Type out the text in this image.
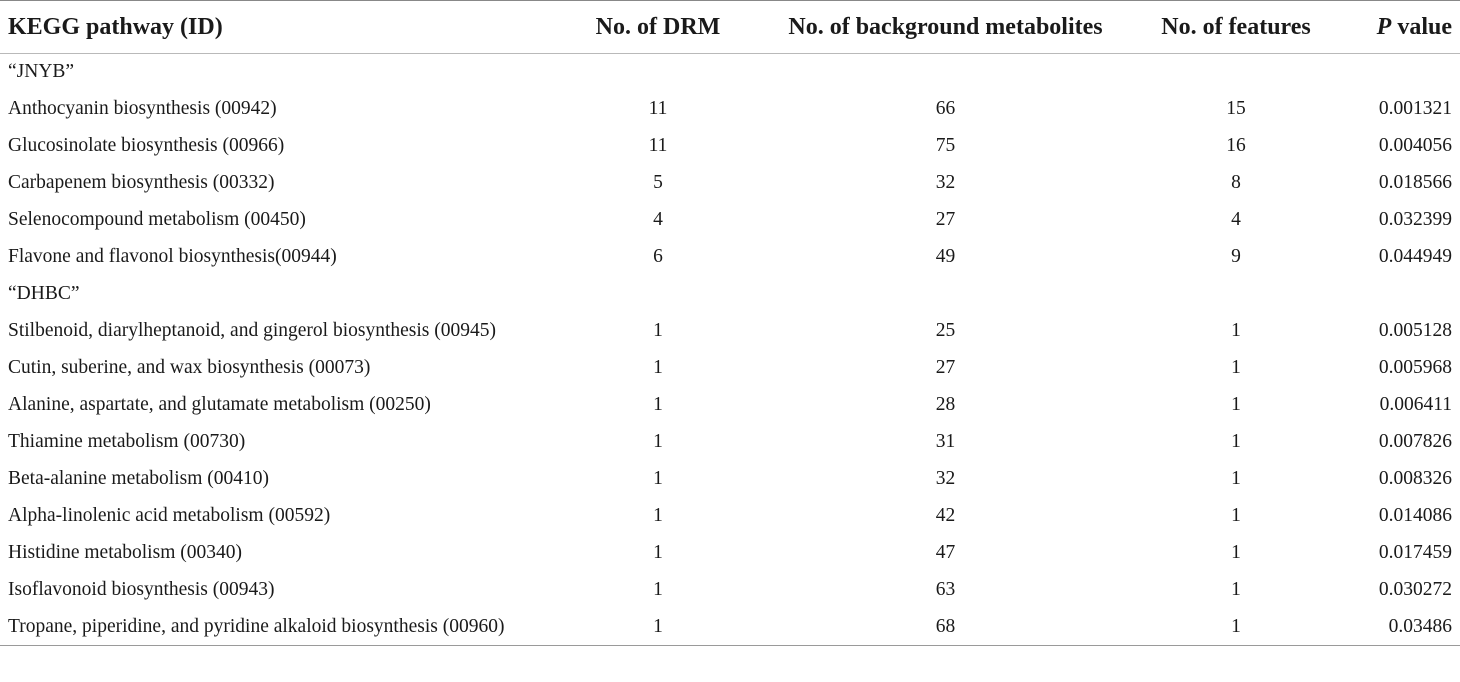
KEGG pathway (ID)	No. of DRM	No. of background metabolites	No. of features	P value
“JNYB”				
Anthocyanin biosynthesis (00942)	11	66	15	0.001321
Glucosinolate biosynthesis (00966)	11	75	16	0.004056
Carbapenem biosynthesis (00332)	5	32	8	0.018566
Selenocompound metabolism (00450)	4	27	4	0.032399
Flavone and flavonol biosynthesis(00944)	6	49	9	0.044949
“DHBC”				
Stilbenoid, diarylheptanoid, and gingerol biosynthesis (00945)	1	25	1	0.005128
Cutin, suberine, and wax biosynthesis (00073)	1	27	1	0.005968
Alanine, aspartate, and glutamate metabolism (00250)	1	28	1	0.006411
Thiamine metabolism (00730)	1	31	1	0.007826
Beta-alanine metabolism (00410)	1	32	1	0.008326
Alpha-linolenic acid metabolism (00592)	1	42	1	0.014086
Histidine metabolism (00340)	1	47	1	0.017459
Isoflavonoid biosynthesis (00943)	1	63	1	0.030272
Tropane, piperidine, and pyridine alkaloid biosynthesis (00960)	1	68	1	0.03486
